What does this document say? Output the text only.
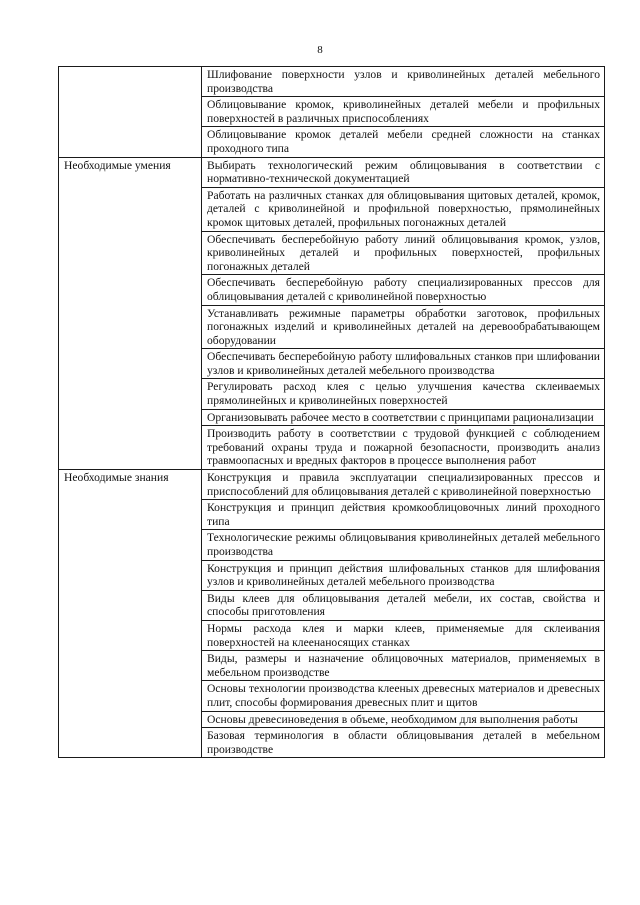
8
	Шлифование поверхности узлов и криволинейных деталей мебельного производства
	Облицовывание кромок, криволинейных деталей мебели и профильных поверхностей в различных приспособлениях
	Облицовывание кромок деталей мебели средней сложности на станках проходного типа
Необходимые умения	Выбирать технологический режим облицовывания в соответствии с нормативно-технической документацией
	Работать на различных станках для облицовывания щитовых деталей, кромок, деталей с криволинейной и профильной поверхностью, прямолинейных кромок щитовых деталей, профильных погонажных деталей
	Обеспечивать бесперебойную работу линий облицовывания кромок, узлов, криволинейных деталей и профильных поверхностей, профильных погонажных деталей
	Обеспечивать бесперебойную работу специализированных прессов для облицовывания деталей с криволинейной поверхностью
	Устанавливать режимные параметры обработки заготовок, профильных погонажных изделий и криволинейных деталей на деревообрабатывающем оборудовании
	Обеспечивать бесперебойную работу шлифовальных станков при шлифовании узлов и криволинейных деталей мебельного производства
	Регулировать расход клея с целью улучшения качества склеиваемых прямолинейных и криволинейных поверхностей
	Организовывать рабочее место в соответствии с принципами рационализации
	Производить работу в соответствии с трудовой функцией с соблюдением требований охраны труда и пожарной безопасности, производить анализ травмоопасных и вредных факторов в процессе выполнения работ
Необходимые знания	Конструкция и правила эксплуатации специализированных прессов и приспособлений для облицовывания деталей с криволинейной поверхностью
	Конструкция и принцип действия кромкооблицовочных линий проходного типа
	Технологические режимы облицовывания криволинейных деталей мебельного производства
	Конструкция и принцип действия шлифовальных станков для шлифования узлов и криволинейных деталей мебельного производства
	Виды клеев для облицовывания деталей мебели, их состав, свойства и способы приготовления
	Нормы расхода клея и марки клеев, применяемые для склеивания поверхностей на клеенаносящих станках
	Виды, размеры и назначение облицовочных материалов, применяемых в мебельном производстве
	Основы технологии производства клееных древесных материалов и древесных плит, способы формирования древесных плит и щитов
	Основы древесиноведения в объеме, необходимом для выполнения работы
	Базовая терминология в области облицовывания деталей в мебельном производстве
